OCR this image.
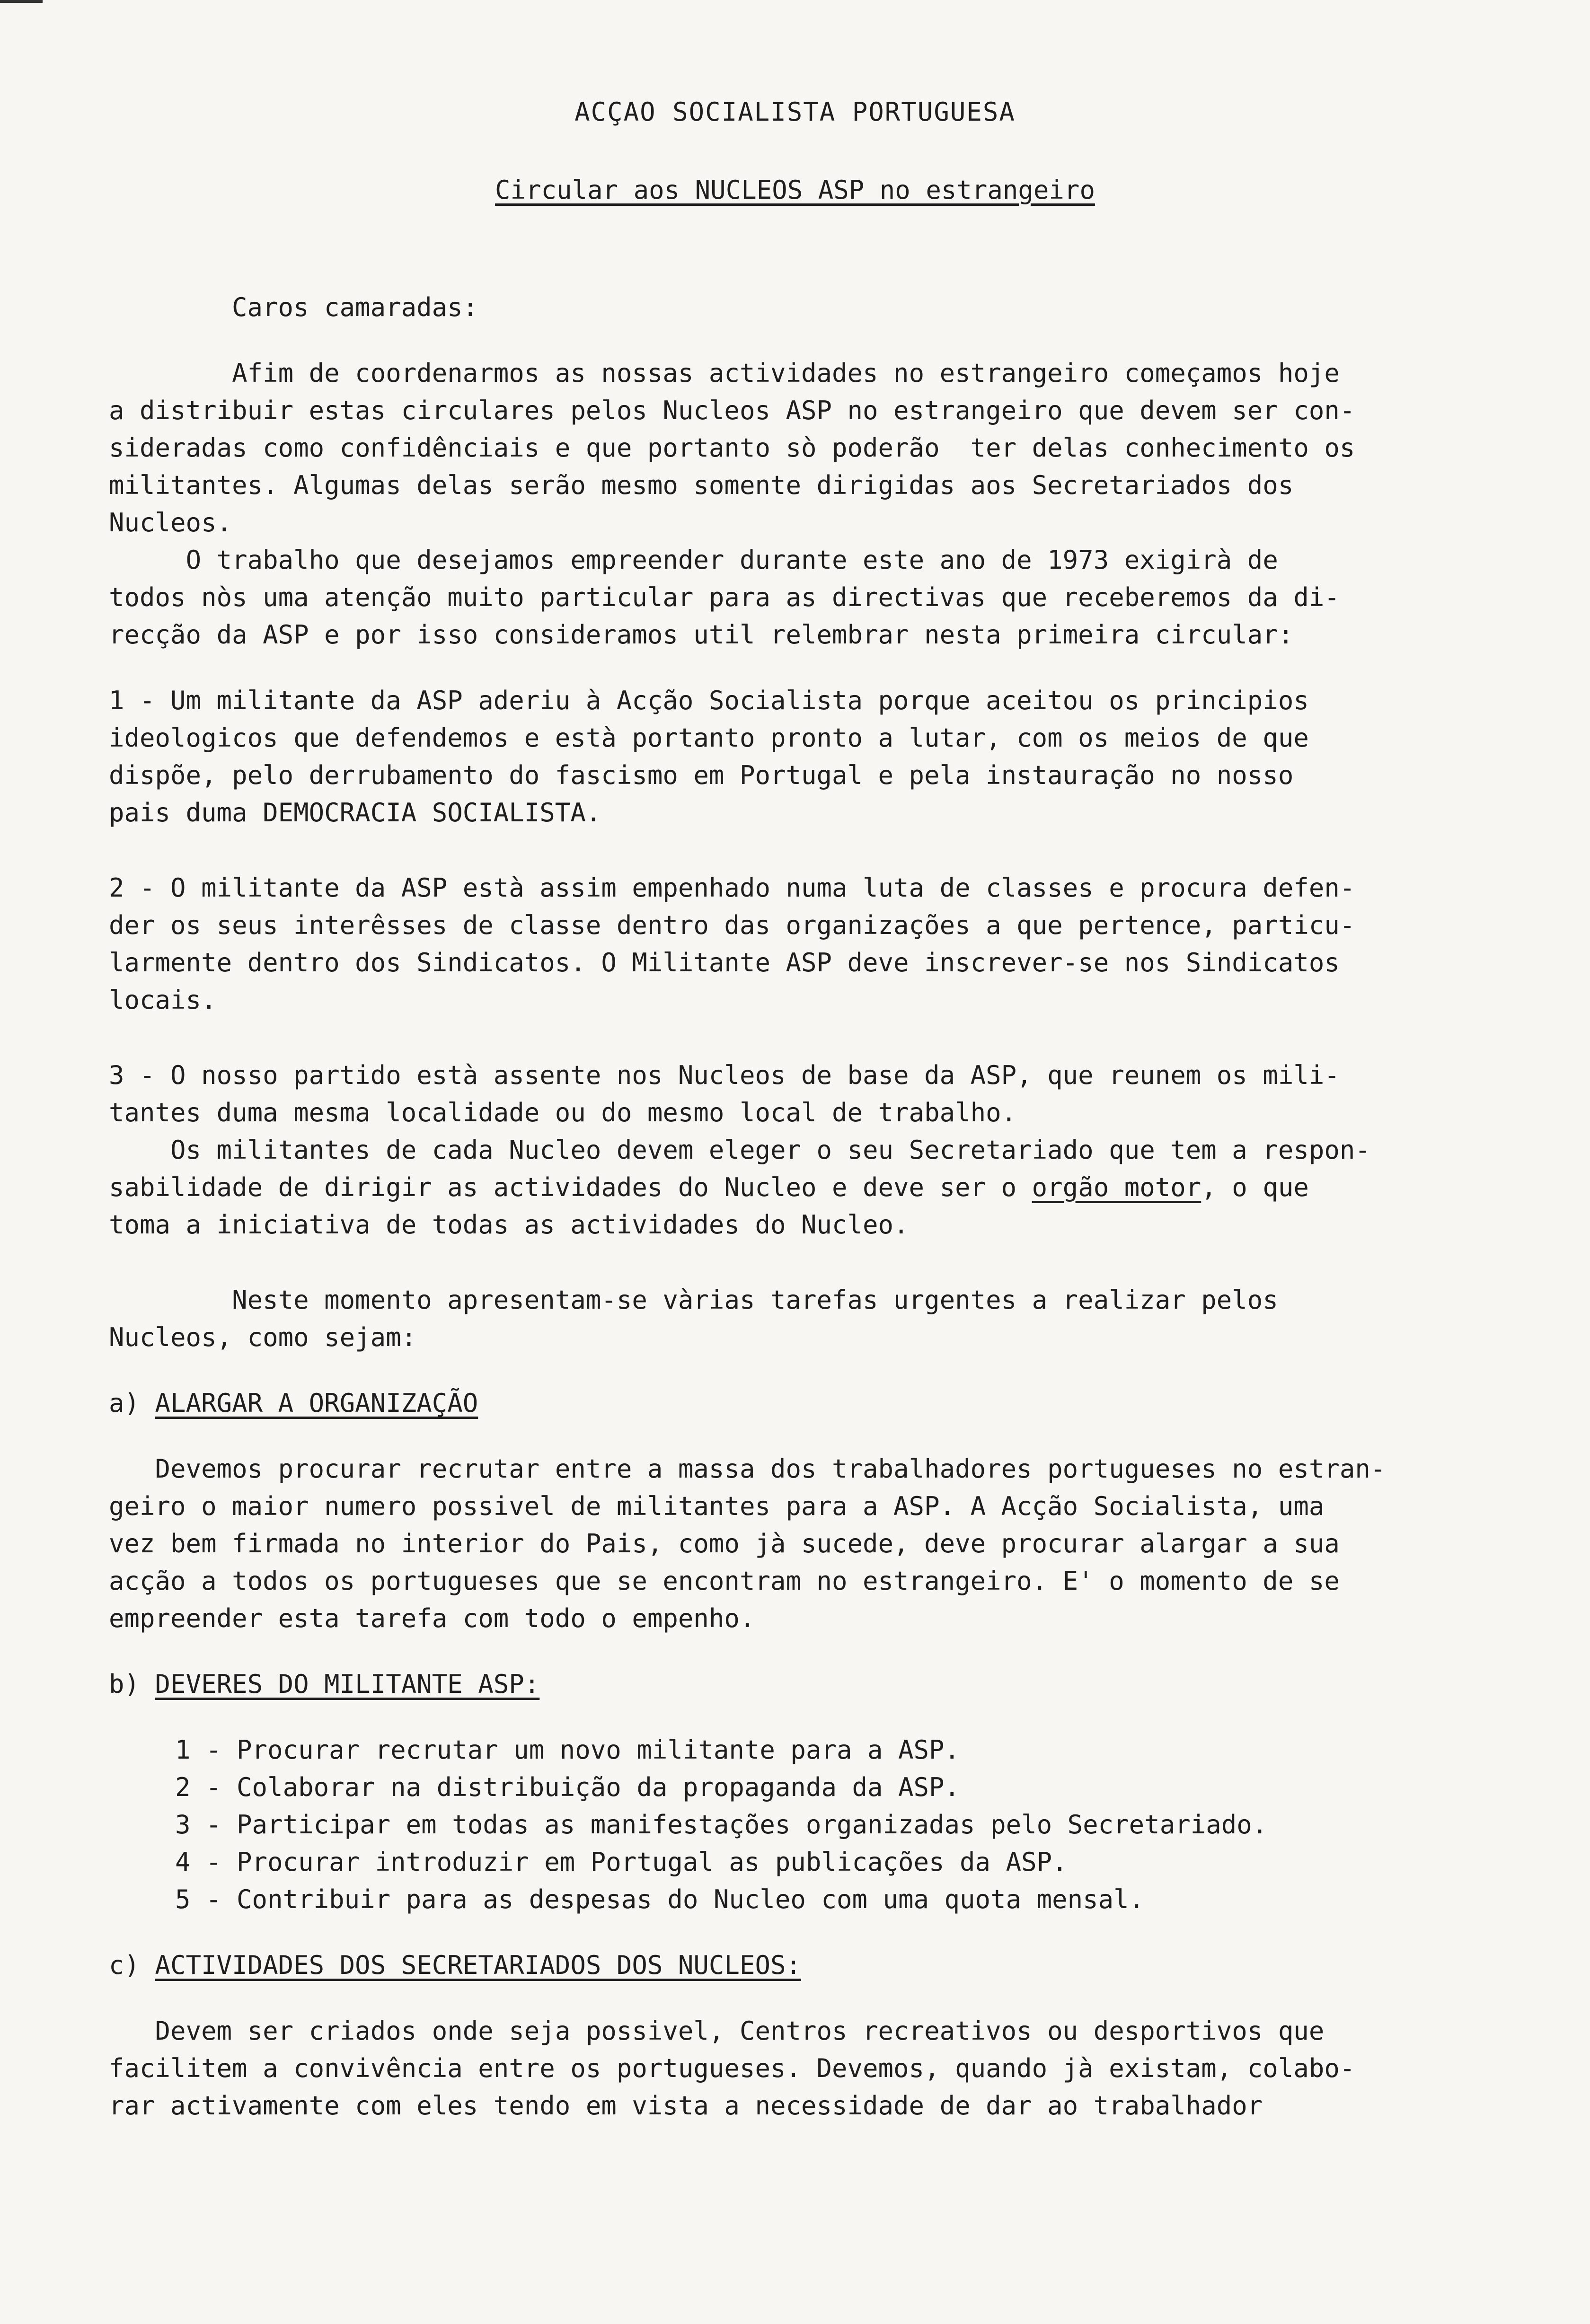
ACÇAO SOCIALISTA PORTUGUESA
Circular aos NUCLEOS ASP no estrangeiro

Caros camaradas:

Afim de coordenarmos as nossas actividades no estrangeiro começamos hoje

a distribuir estas circulares pelos Nucleos ASP no estrangeiro que devem ser con-

sideradas como confidênciais e que portanto sò poderão  ter delas conhecimento os

militantes. Algumas delas serão mesmo somente dirigidas aos Secretariados dos

Nucleos.

O trabalho que desejamos empreender durante este ano de 1973 exigirà de

todos nòs uma atenção muito particular para as directivas que receberemos da di-

recção da ASP e por isso consideramos util relembrar nesta primeira circular:

1 - Um militante da ASP aderiu à Acção Socialista porque aceitou os principios

ideologicos que defendemos e està portanto pronto a lutar, com os meios de que

dispõe, pelo derrubamento do fascismo em Portugal e pela instauração no nosso

pais duma DEMOCRACIA SOCIALISTA.

2 - O militante da ASP està assim empenhado numa luta de classes e procura defen-

der os seus interêsses de classe dentro das organizações a que pertence, particu-

larmente dentro dos Sindicatos. O Militante ASP deve inscrever-se nos Sindicatos

locais.

3 - O nosso partido està assente nos Nucleos de base da ASP, que reunem os mili-

tantes duma mesma localidade ou do mesmo local de trabalho.

Os militantes de cada Nucleo devem eleger o seu Secretariado que tem a respon-

sabilidade de dirigir as actividades do Nucleo e deve ser o orgão motor, o que

toma a iniciativa de todas as actividades do Nucleo.

Neste momento apresentam-se vàrias tarefas urgentes a realizar pelos

Nucleos, como sejam:

a) ALARGAR A ORGANIZAÇÃO

Devemos procurar recrutar entre a massa dos trabalhadores portugueses no estran-

geiro o maior numero possivel de militantes para a ASP. A Acção Socialista, uma

vez bem firmada no interior do Pais, como jà sucede, deve procurar alargar a sua

acção a todos os portugueses que se encontram no estrangeiro. E' o momento de se

empreender esta tarefa com todo o empenho.

b) DEVERES DO MILITANTE ASP:

1 - Procurar recrutar um novo militante para a ASP.

2 - Colaborar na distribuição da propaganda da ASP.

3 - Participar em todas as manifestações organizadas pelo Secretariado.

4 - Procurar introduzir em Portugal as publicações da ASP.

5 - Contribuir para as despesas do Nucleo com uma quota mensal.

c) ACTIVIDADES DOS SECRETARIADOS DOS NUCLEOS:

Devem ser criados onde seja possivel, Centros recreativos ou desportivos que

facilitem a convivência entre os portugueses. Devemos, quando jà existam, colabo-

rar activamente com eles tendo em vista a necessidade de dar ao trabalhador
